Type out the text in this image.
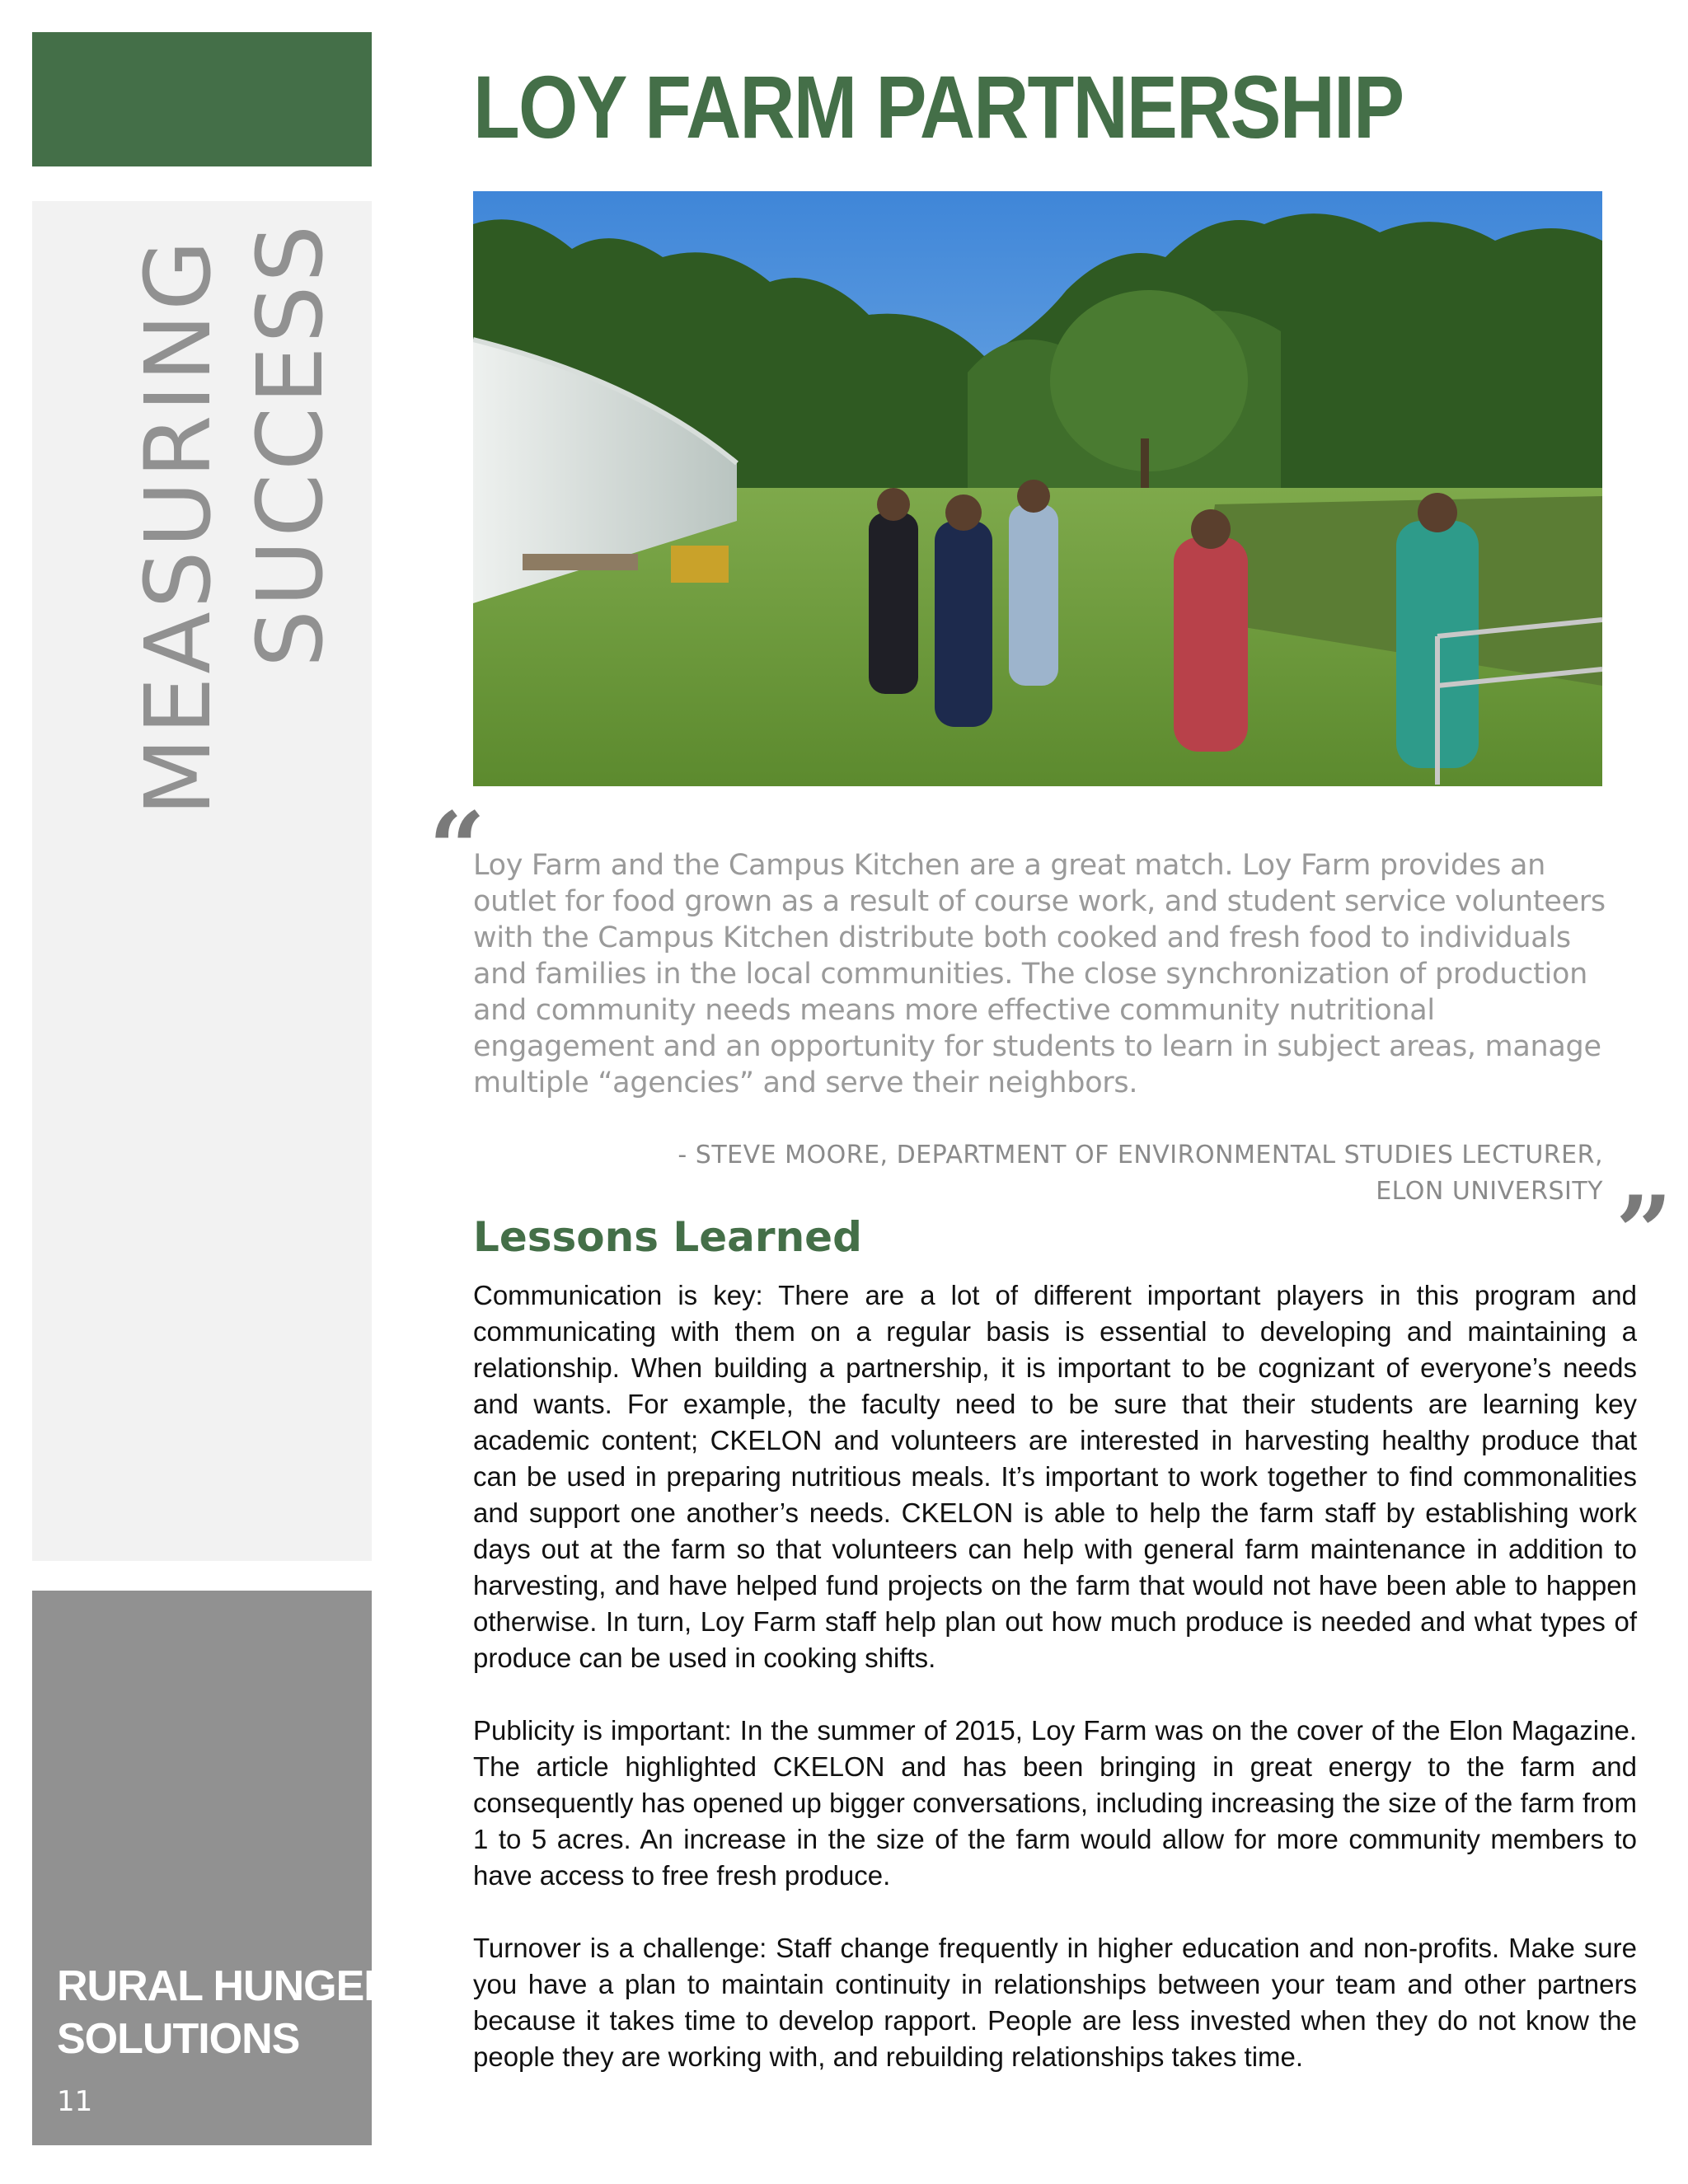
MEASURING SUCCESS
RURAL HUNGER
SOLUTIONS
11
LOY FARM PARTNERSHIP
“

Loy Farm and the Campus Kitchen are a great match. Loy Farm provides an outlet for food grown as a result of course work, and student service volunteers with the Campus Kitchen distribute both cooked and fresh food to individuals and families in the local communities. The close synchronization of production and community needs means more effective community nutritional engagement and an opportunity for students to learn in subject areas, manage multiple “agencies” and serve their neighbors.

- STEVE MOORE, DEPARTMENT OF ENVIRONMENTAL STUDIES LECTURER,
ELON UNIVERSITY ”
Lessons Learned

Communication is key: There are a lot of different important players in this program and communicating with them on a regular basis is essential to developing and maintaining a relationship. When building a partnership, it is important to be cognizant of everyone’s needs and wants. For example, the faculty need to be sure that their students are learning key academic content; CKELON and volunteers are interested in harvesting healthy produce that can be used in preparing nutritious meals. It’s important to work together to find commonalities and support one another’s needs. CKELON is able to help the farm staff by establishing work days out at the farm so that volunteers can help with general farm maintenance in addition to harvesting, and have helped fund projects on the farm that would not have been able to happen otherwise. In turn, Loy Farm staff help plan out how much produce is needed and what types of produce can be used in cooking shifts.

Publicity is important: In the summer of 2015, Loy Farm was on the cover of the Elon Magazine. The article highlighted CKELON and has been bringing in great energy to the farm and consequently has opened up bigger conversations, including increasing the size of the farm from 1 to 5 acres. An increase in the size of the farm would allow for more community members to have access to free fresh produce.

Turnover is a challenge: Staff change frequently in higher education and non-profits. Make sure you have a plan to maintain continuity in relationships between your team and other partners because it takes time to develop rapport. People are less invested when they do not know the people they are working with, and rebuilding relationships takes time.
